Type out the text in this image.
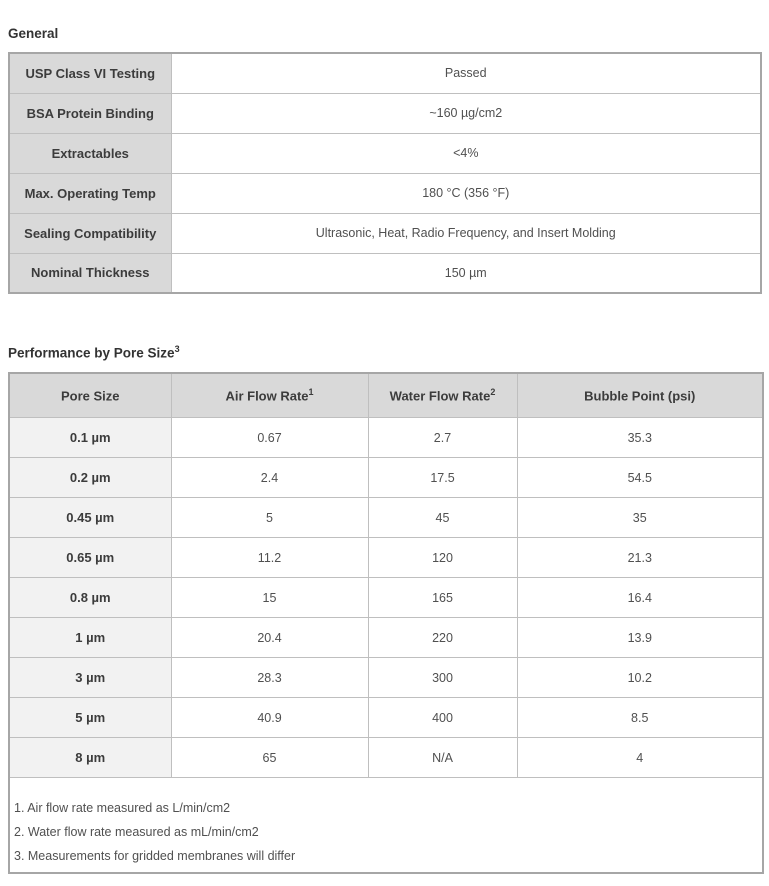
General
USP Class VI Testing	Passed
BSA Protein Binding	~160 µg/cm2
Extractables	<4%
Max. Operating Temp	180 °C (356 °F)
Sealing Compatibility	Ultrasonic, Heat, Radio Frequency, and Insert Molding
Nominal Thickness	150 µm
Performance by Pore Size$^3$
Pore Size	Air Flow Rate$^1$	Water Flow Rate$^2$	Bubble Point (psi)
0.1 µm	0.67	2.7	35.3
0.2 µm	2.4	17.5	54.5
0.45 µm	5	45	35
0.65 µm	11.2	120	21.3
0.8 µm	15	165	16.4
1 µm	20.4	220	13.9
3 µm	28.3	300	10.2
5 µm	40.9	400	8.5
8 µm	65	N/A	4

1. Air flow rate measured as L/min/cm2
2. Water flow rate measured as mL/min/cm2
3. Measurements for gridded membranes will differ			
